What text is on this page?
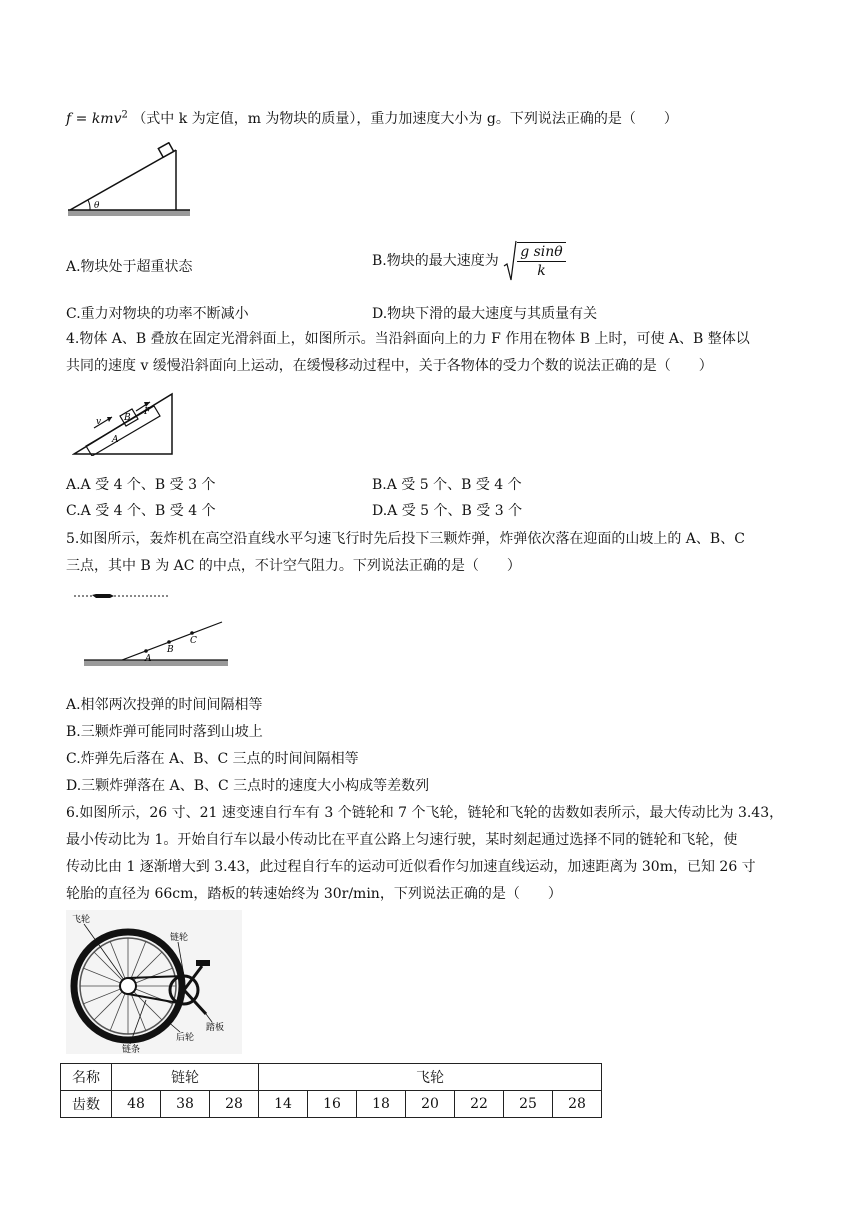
f = kmv$^2$ （式中 k 为定值，m 为物块的质量），重力加速度大小为 g。下列说法正确的是（　　）
θ
A.物块处于超重状态	B.物块的最大速度为 $\frac{\text{g sinθ}}{k}$
C.重力对物块的功率不断减小	D.物块下滑的最大速度与其质量有关
4.物体 A、B 叠放在固定光滑斜面上，如图所示。当沿斜面向上的力 F 作用在物体 B 上时，可使 A、B 整体以
共同的速度 v 缓慢沿斜面向上运动，在缓慢移动过程中，关于各物体的受力个数的说法正确的是（　　）
v	B
F
A
A.A 受 4 个、B 受 3 个	B.A 受 5 个、B 受 4 个
C.A 受 4 个、B 受 4 个	D.A 受 5 个、B 受 3 个
5.如图所示，轰炸机在高空沿直线水平匀速飞行时先后投下三颗炸弹，炸弹依次落在迎面的山坡上的 A、B、C
三点，其中 B 为 AC 的中点，不计空气阻力。下列说法正确的是（　　）
A
B
C
A.相邻两次投弹的时间间隔相等
B.三颗炸弹可能同时落到山坡上
C.炸弹先后落在 A、B、C 三点的时间间隔相等
D.三颗炸弹落在 A、B、C 三点时的速度大小构成等差数列
6.如图所示，26 寸、21 速变速自行车有 3 个链轮和 7 个飞轮，链轮和飞轮的齿数如表所示，最大传动比为 3.43，
最小传动比为 1。开始自行车以最小传动比在平直公路上匀速行驶，某时刻起通过选择不同的链轮和飞轮，使
传动比由 1 逐渐增大到 3.43，此过程自行车的运动可近似看作匀加速直线运动，加速距离为 30m，已知 26 寸
轮胎的直径为 66cm，踏板的转速始终为 30r/min，下列说法正确的是（　　）
飞轮
链轮
踏板
后轮
链条
名称	链轮			飞轮						
齿数	48	38	28	14	16	18	20	22	25	28
